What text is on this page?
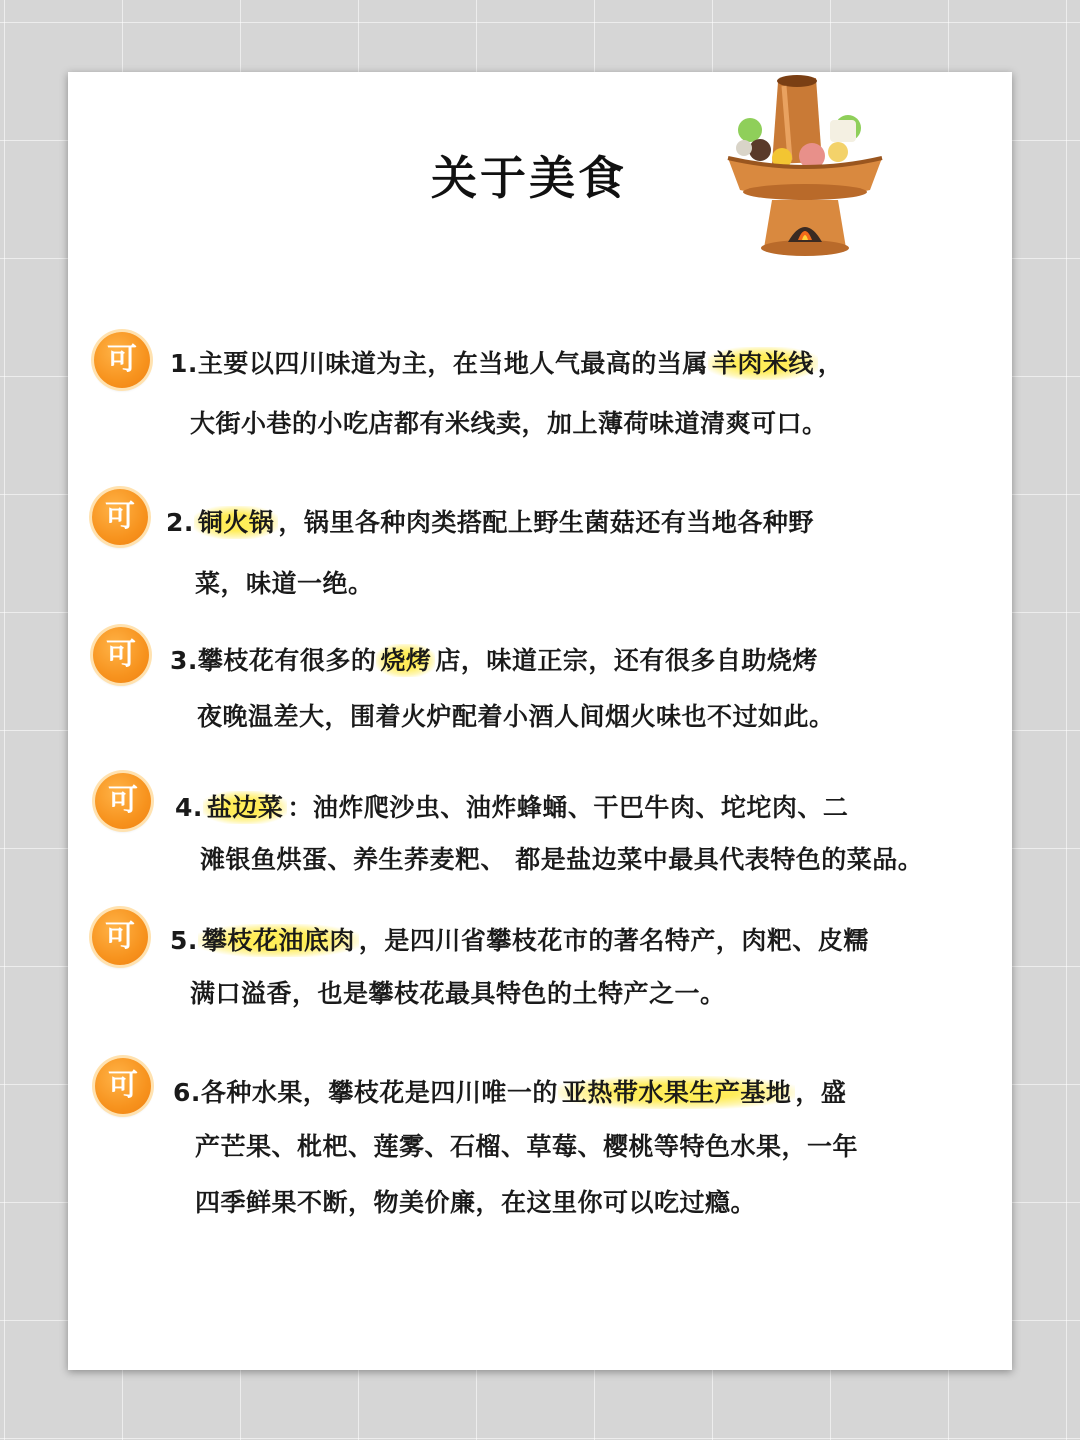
关于美食
可	1.主要以四川味道为主，在当地人气最高的当属 羊肉米线 ，
大街小巷的小吃店都有米线卖，加上薄荷味道清爽可口。
可	2. 铜火锅 ，锅里各种肉类搭配上野生菌菇还有当地各种野
菜，味道一绝。
可	3.攀枝花有很多的 烧烤 店，味道正宗，还有很多自助烧烤
夜晚温差大，围着火炉配着小酒人间烟火味也不过如此。
可	4. 盐边菜 ：油炸爬沙虫、油炸蜂蛹、干巴牛肉、坨坨肉、二
滩银鱼烘蛋、养生荞麦粑、 都是盐边菜中最具代表特色的菜品。
可	5. 攀枝花油底肉 ，是四川省攀枝花市的著名特产，肉粑、皮糯
满口溢香，也是攀枝花最具特色的土特产之一。
可	6.各种水果，攀枝花是四川唯一的 亚热带水果生产基地 ，盛
产芒果、枇杷、莲雾、石榴、草莓、樱桃等特色水果，一年
四季鲜果不断，物美价廉，在这里你可以吃过瘾。
